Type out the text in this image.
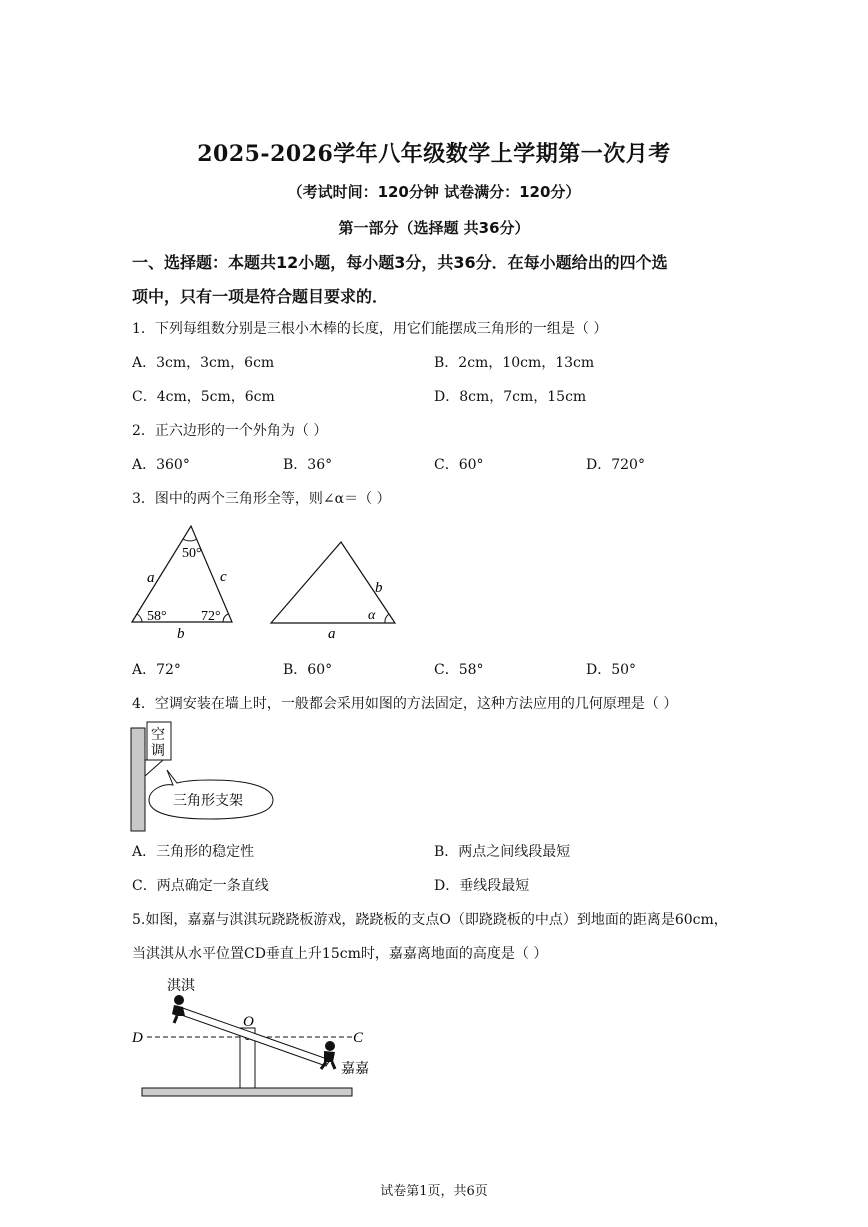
2025-2026学年八年级数学上学期第一次月考
（考试时间：120分钟 试卷满分：120分）
第一部分（选择题 共36分）
一、选择题：本题共12小题，每小题3分，共36分．在每小题给出的四个选
项中，只有一项是符合题目要求的．
1．下列每组数分别是三根小木棒的长度，用它们能摆成三角形的一组是（ ）
A．3cm，3cm，6cm	B．2cm，10cm，13cm
C．4cm，5cm，6cm	D．8cm，7cm，15cm
2．正六边形的一个外角为（ ）
A．360°	B．36°	C．60°	D．720°
3．图中的两个三角形全等，则∠α＝（ ）
50°
58° 72°
a
b
c
b
a
α
A．72°	B．60°	C．58°	D．50°
4．空调安装在墙上时，一般都会采用如图的方法固定，这种方法应用的几何原理是（ ）
空
调
三角形支架
A．三角形的稳定性	B．两点之间线段最短
C．两点确定一条直线	D．垂线段最短
5.如图，嘉嘉与淇淇玩跷跷板游戏，跷跷板的支点O（即跷跷板的中点）到地面的距离是60cm，
当淇淇从水平位置CD垂直上升15cm时，嘉嘉离地面的高度是（ ）
淇淇
嘉嘉
O
D	C
试卷第1页，共6页
